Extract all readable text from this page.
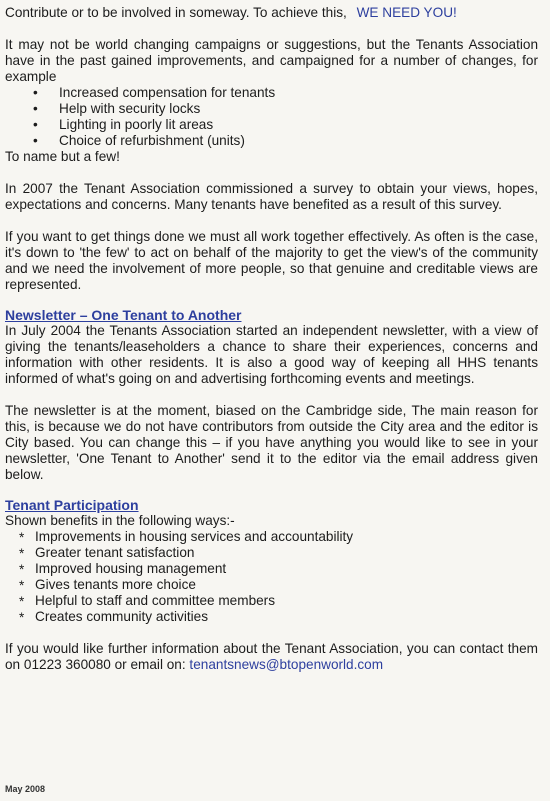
Contribute or to be involved in someway. To achieve this, WE NEED YOU!

It may not be world changing campaigns or suggestions, but the Tenants Association have in the past gained improvements, and campaigned for a number of changes, for example

• Increased compensation for tenants
• Help with security locks
• Lighting in poorly lit areas
• Choice of refurbishment (units)

To name but a few!

In 2007 the Tenant Association commissioned a survey to obtain your views, hopes, expectations and concerns. Many tenants have benefited as a result of this survey.

If you want to get things done we must all work together effectively. As often is the case, it's down to 'the few' to act on behalf of the majority to get the view's of the community and we need the involvement of more people, so that genuine and creditable views are represented.

Newsletter – One Tenant to Another

In July 2004 the Tenants Association started an independent newsletter, with a view of giving the tenants/leaseholders a chance to share their experiences, concerns and information with other residents. It is also a good way of keeping all HHS tenants informed of what's going on and advertising forthcoming events and meetings.

The newsletter is at the moment, biased on the Cambridge side, The main reason for this, is because we do not have contributors from outside the City area and the editor is City based. You can change this – if you have anything you would like to see in your newsletter, 'One Tenant to Another' send it to the editor via the email address given below.

Tenant Participation

Shown benefits in the following ways:-

* Improvements in housing services and accountability
* Greater tenant satisfaction
* Improved housing management
* Gives tenants more choice
* Helpful to staff and committee members
* Creates community activities

If you would like further information about the Tenant Association, you can contact them on 01223 360080 or email on: tenantsnews@btopenworld.com

May 2008
